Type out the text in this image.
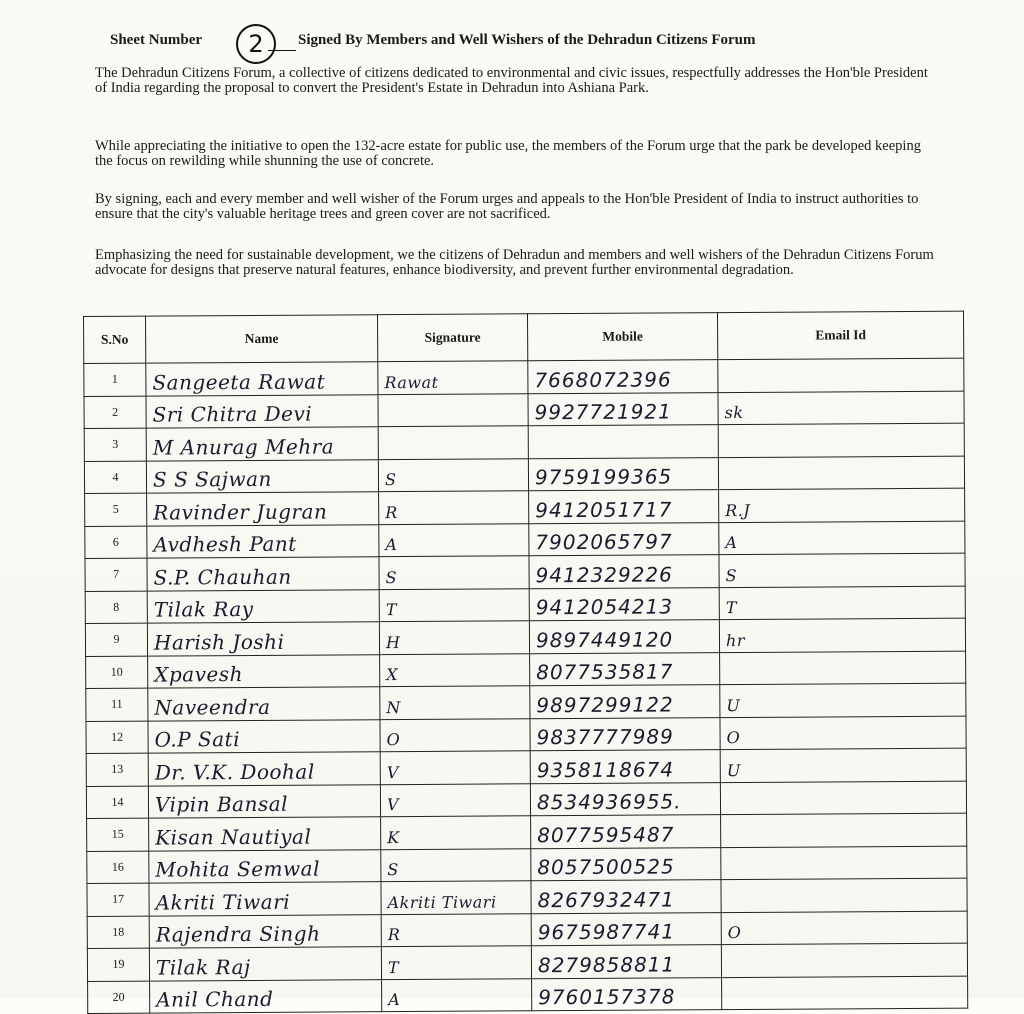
Sheet Number	2	Signed By Members and Well Wishers of the Dehradun Citizens Forum
The Dehradun Citizens Forum, a collective of citizens dedicated to environmental and civic issues, respectfully addresses the Hon'ble President of India regarding the proposal to convert the President's Estate in Dehradun into Ashiana Park.
While appreciating the initiative to open the 132-acre estate for public use, the members of the Forum urge that the park be developed keeping the focus on rewilding while shunning the use of concrete.
By signing, each and every member and well wisher of the Forum urges and appeals to the Hon'ble President of India to instruct authorities to ensure that the city's valuable heritage trees and green cover are not sacrificed.
Emphasizing the need for sustainable development, we the citizens of Dehradun and members and well wishers of the Dehradun Citizens Forum advocate for designs that preserve natural features, enhance biodiversity, and prevent further environmental degradation.
S.No	Name	Signature	Mobile	Email Id
1	Sangeeta Rawat	Rawat	7668072396	
2	Sri Chitra Devi		9927721921	sk
3	M Anurag Mehra			
4	S S Sajwan	S	9759199365	
5	Ravinder Jugran	R	9412051717	R.J
6	Avdhesh Pant	A	7902065797	A
7	S.P. Chauhan	S	9412329226	S
8	Tilak Ray	T	9412054213	T
9	Harish Joshi	H	9897449120	hr
10	Xpavesh	X	8077535817	
11	Naveendra	N	9897299122	U
12	O.P Sati	O	9837777989	O
13	Dr. V.K. Doohal	V	9358118674	U
14	Vipin Bansal	V	8534936955.	
15	Kisan Nautiyal	K	8077595487	
16	Mohita Semwal	S	8057500525	
17	Akriti Tiwari	Akriti Tiwari	8267932471	
18	Rajendra Singh	R	9675987741	O
19	Tilak Raj	T	8279858811	
20	Anil Chand	A	9760157378	
